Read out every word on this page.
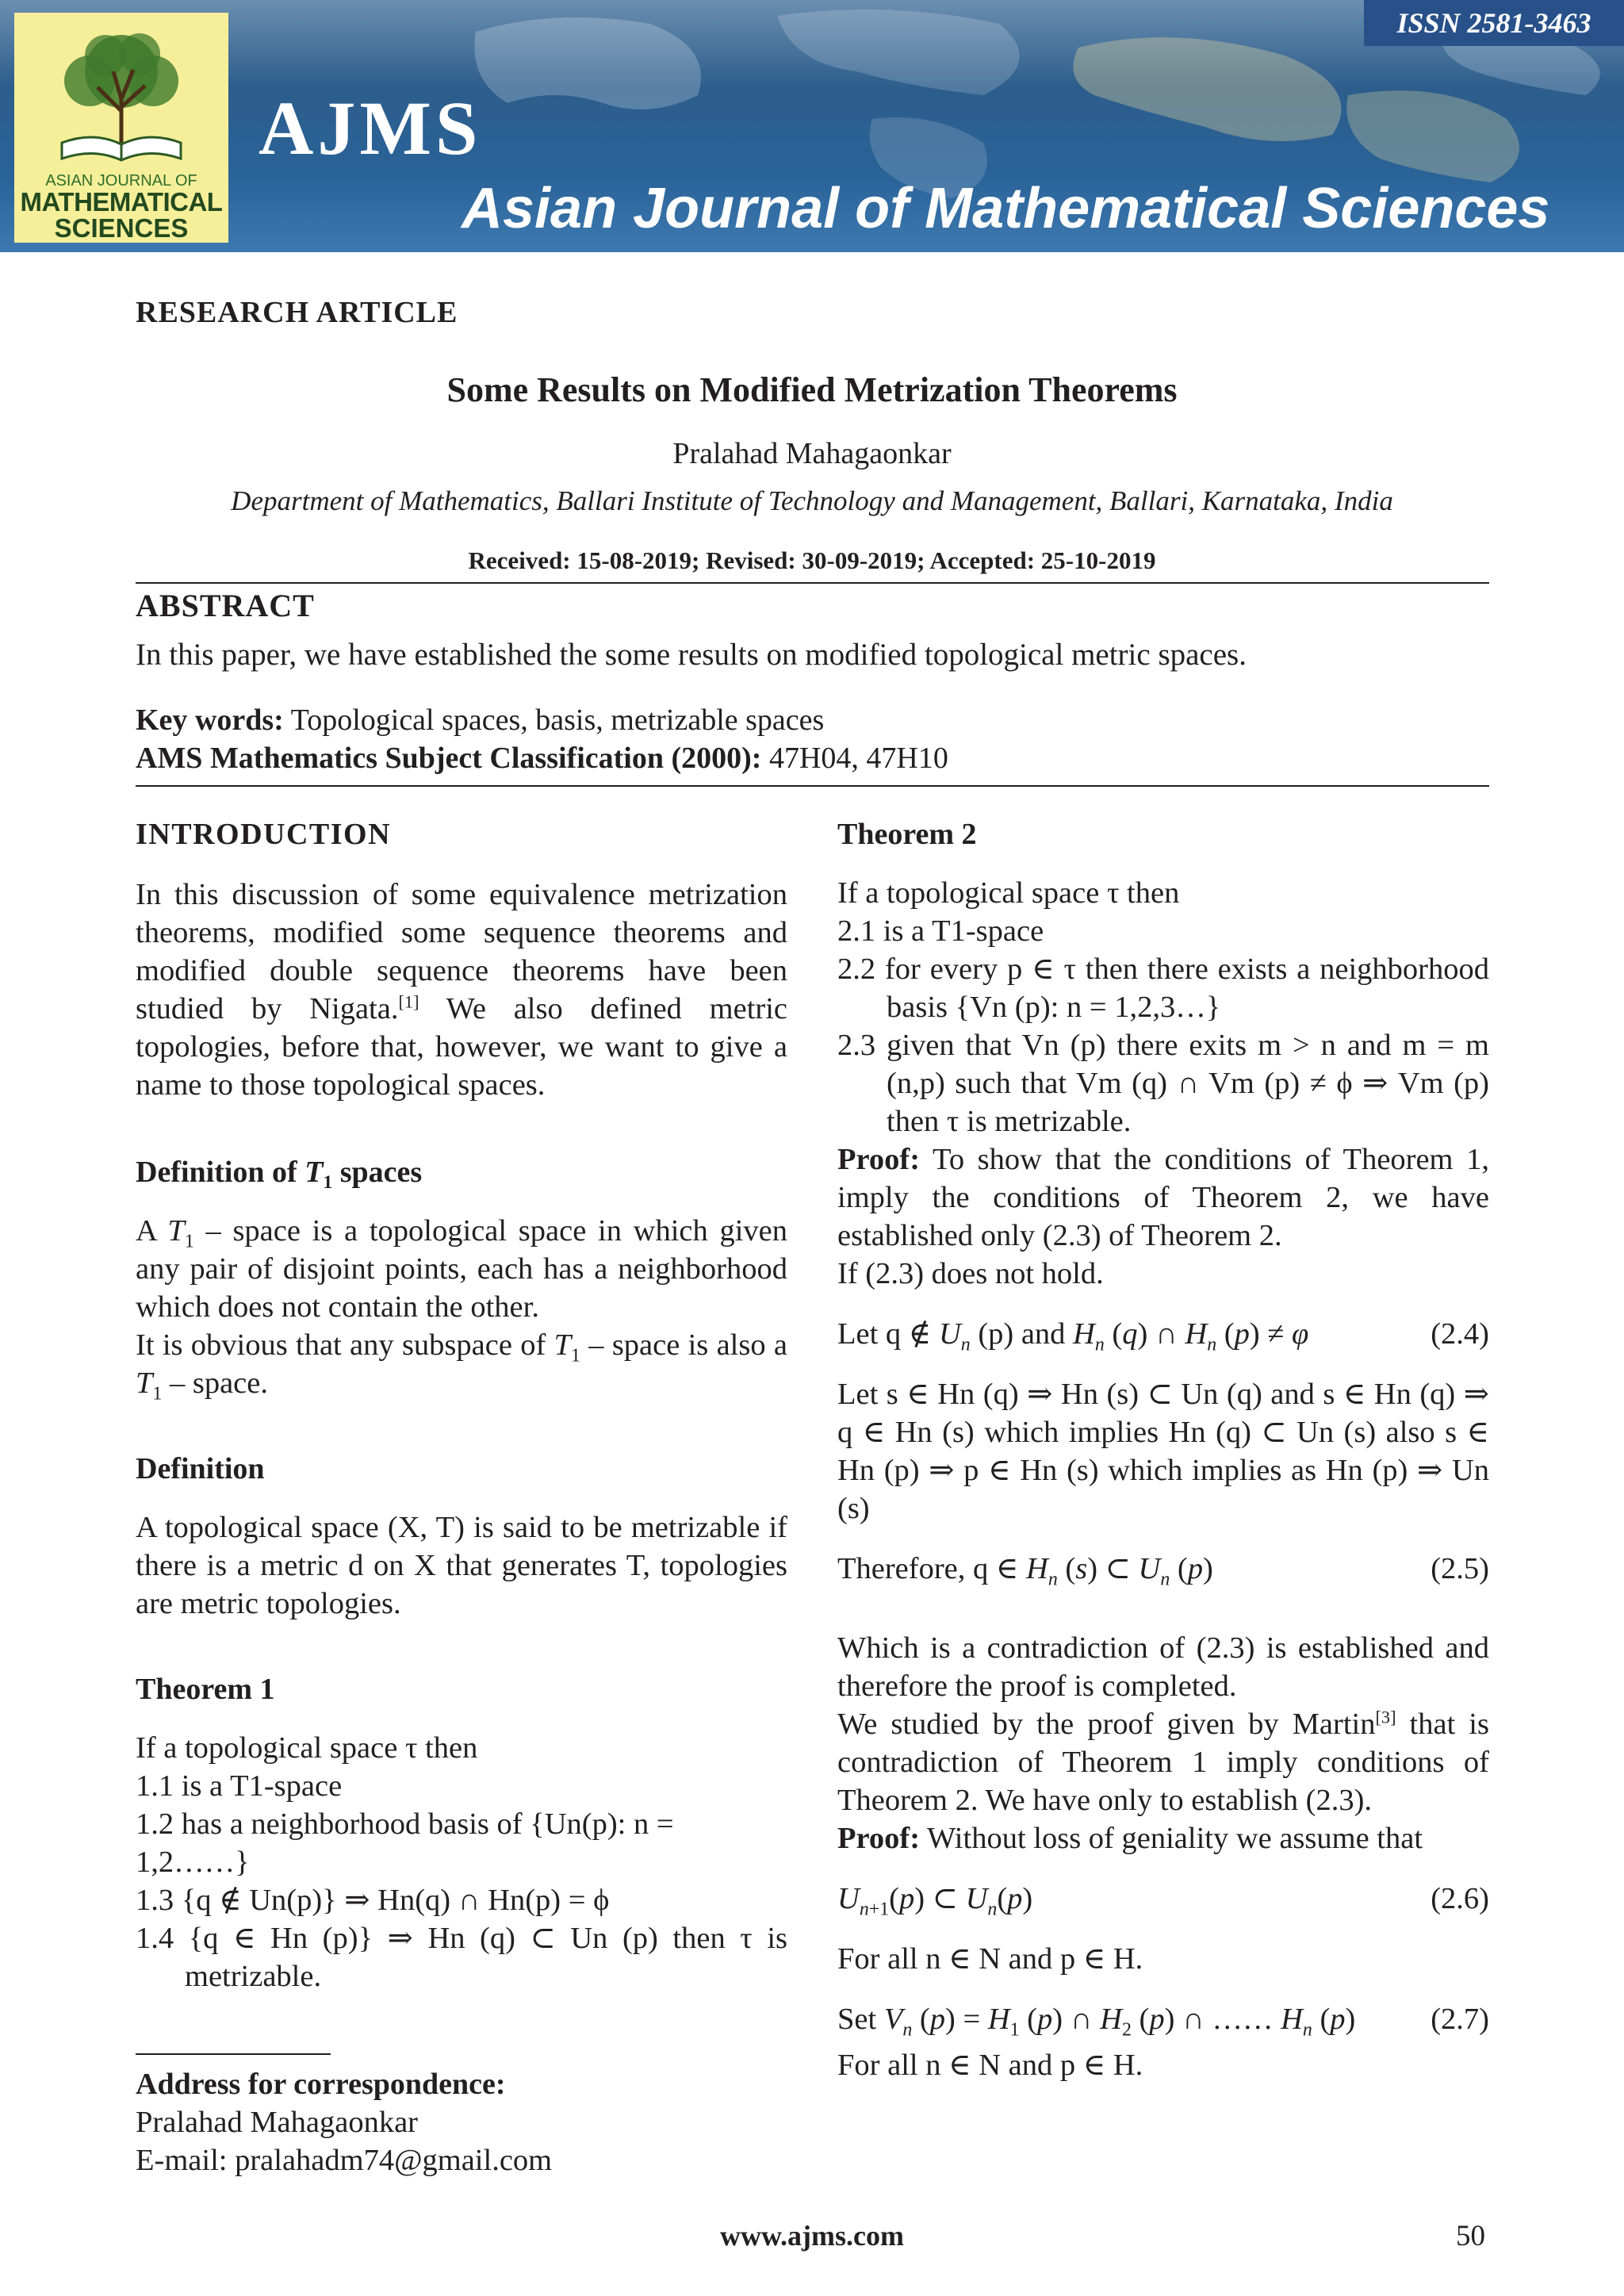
ASIAN JOURNAL OF
MATHEMATICAL
SCIENCES
AJMS
Asian Journal of Mathematical Sciences
ISSN 2581-3463
RESEARCH ARTICLE
Some Results on Modified Metrization Theorems
Pralahad Mahagaonkar
Department of Mathematics, Ballari Institute of Technology and Management, Ballari, Karnataka, India
Received: 15-08-2019; Revised: 30-09-2019; Accepted: 25-10-2019
ABSTRACT
In this paper, we have established the some results on modified topological metric spaces.
Key words: Topological spaces, basis, metrizable spaces
AMS Mathematics Subject Classification (2000): 47H04, 47H10

INTRODUCTION

In this discussion of some equivalence metrization theorems, modified some sequence theorems and modified double sequence theorems have been studied by Nigata.[1] We also defined metric topologies, before that, however, we want to give a name to those topological spaces.

Definition of $T_1$ spaces

A $T_1$ – space is a topological space in which given any pair of disjoint points, each has a neighborhood which does not contain the other.

It is obvious that any subspace of $T_1$ – space is also a $T_1$ – space.

Definition

A topological space (X, T) is said to be metrizable if there is a metric d on X that generates T, topologies are metric topologies.

Theorem 1

If a topological space τ then

1.1 is a T1-space

1.2 has a neighborhood basis of {Un(p): n = 1,2……}

1.3 {q ∉ Un(p)} ⇒ Hn(q) ∩ Hn(p) = ϕ

1.4 {q ∈ Hn (p)} ⇒ Hn (q) ⊂ Un (p) then τ is metrizable.

Address for correspondence:

Pralahad Mahagaonkar

E-mail: pralahadm74@gmail.com

Theorem 2

If a topological space τ then

2.1 is a T1-space

2.2 for every p ∈ τ then there exists a neighborhood basis {Vn (p): n = 1,2,3…}

2.3 given that Vn (p) there exits m > n and m = m (n,p) such that Vm (q) ∩ Vm (p) ≠ ϕ ⇒ Vm (p) then τ is metrizable.

Proof: To show that the conditions of Theorem 1, imply the conditions of Theorem 2, we have established only (2.3) of Theorem 2.

If (2.3) does not hold.

Let q ∉ $U_n$ (p) and $H_n$ (q) ∩ $H_n$ (p) ≠ φ	(2.4)

Let s ∈ Hn (q) ⇒ Hn (s) ⊂ Un (q) and s ∈ Hn (q) ⇒ q ∈ Hn (s) which implies Hn (q) ⊂ Un (s) also s ∈ Hn (p) ⇒ p ∈ Hn (s) which implies as Hn (p) ⇒ Un (s)

Therefore, q ∈ $H_n$ (s) ⊂ $U_n$ (p)	(2.5)

Which is a contradiction of (2.3) is established and therefore the proof is completed.

We studied by the proof given by Martin[3] that is contradiction of Theorem 1 imply conditions of Theorem 2. We have only to establish (2.3).

Proof: Without loss of geniality we assume that

$U_{n+1}(p)$ ⊂ $U_n(p)$	(2.6)

For all n ∈ N and p ∈ H.

Set $V_n$ $(p) = H_1$ (p) ∩ $H_2$ (p) ∩ …… $H_n$ (p) (2.7)

For all n ∈ N and p ∈ H.

www.ajms.com	50
